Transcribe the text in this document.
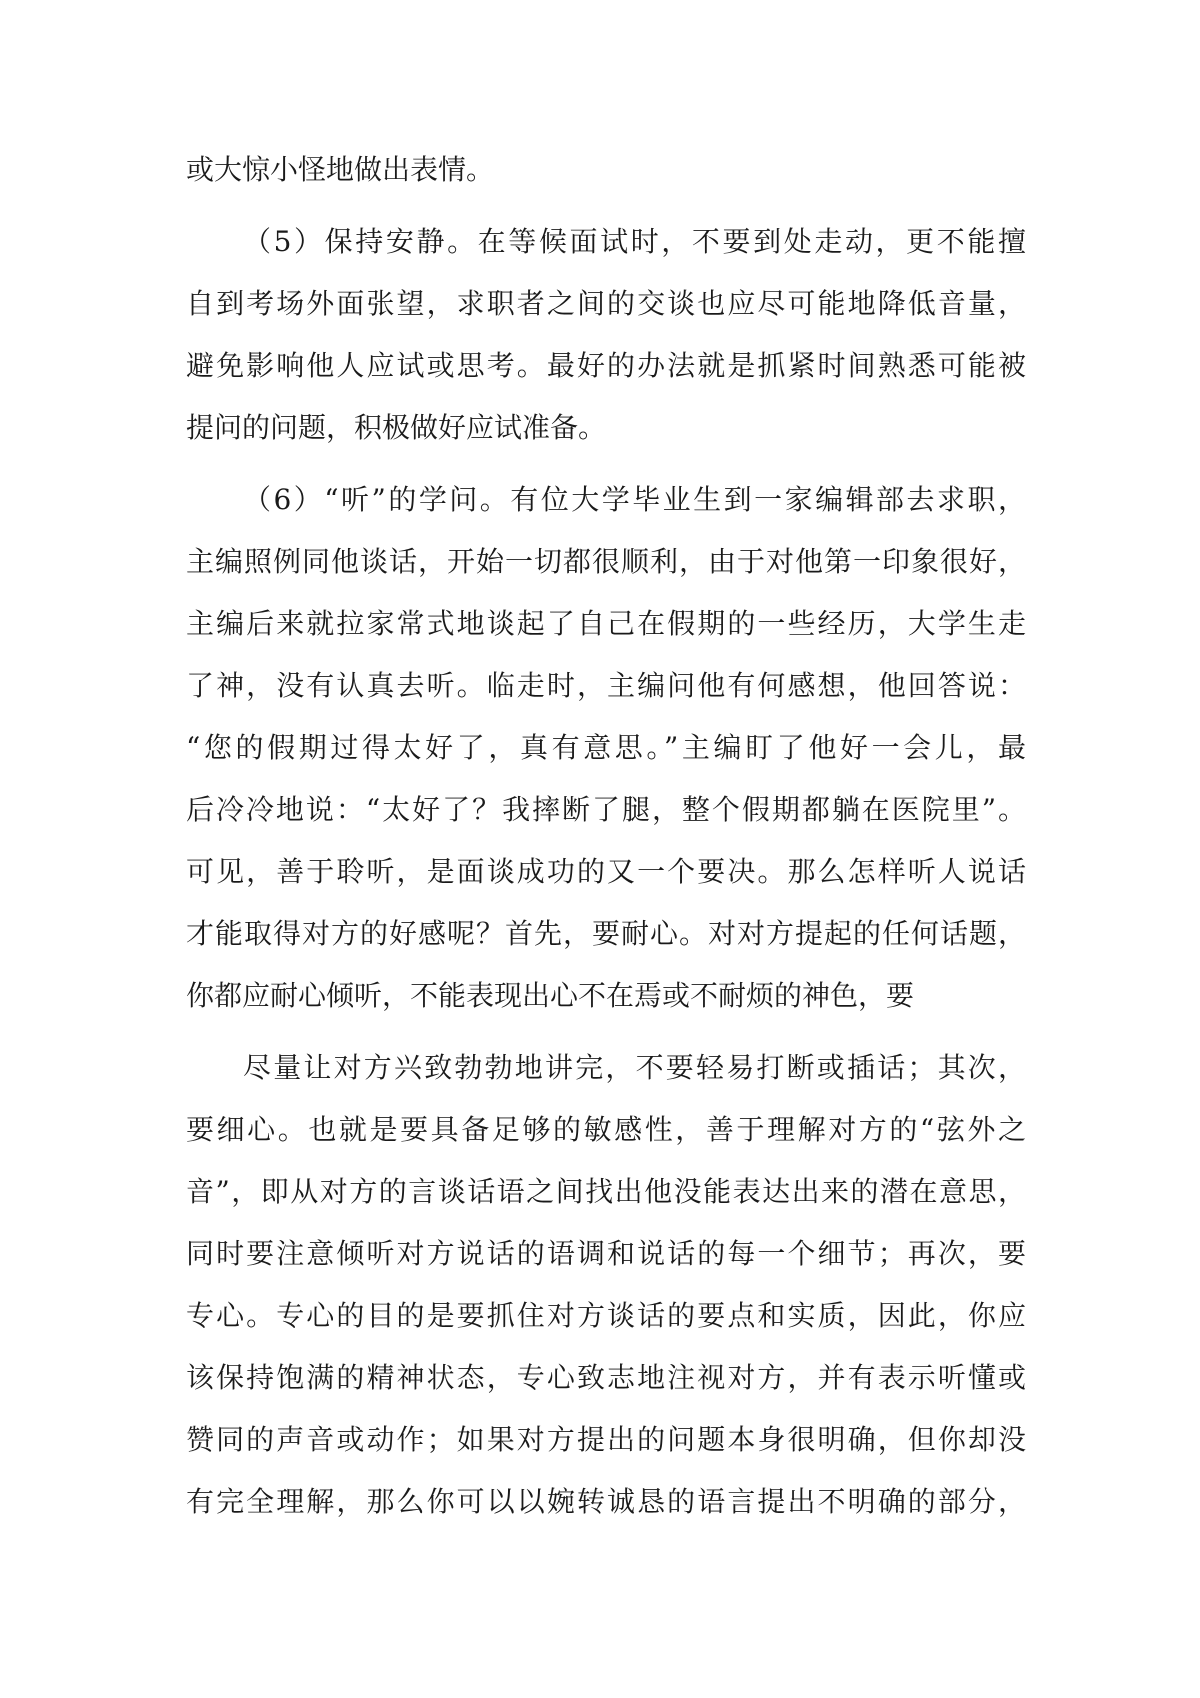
或大惊小怪地做出表情。
（5）保持安静。在等候面试时，不要到处走动，更不能擅
自到考场外面张望，求职者之间的交谈也应尽可能地降低音量，
避免影响他人应试或思考。最好的办法就是抓紧时间熟悉可能被
提问的问题，积极做好应试准备。
（6）“听”的学问。有位大学毕业生到一家编辑部去求职，
主编照例同他谈话，开始一切都很顺利，由于对他第一印象很好，
主编后来就拉家常式地谈起了自己在假期的一些经历，大学生走
了神，没有认真去听。临走时，主编问他有何感想，他回答说：
“您的假期过得太好了，真有意思。”主编盯了他好一会儿，最
后冷冷地说：“太好了？我摔断了腿，整个假期都躺在医院里”。
可见，善于聆听，是面谈成功的又一个要决。那么怎样听人说话
才能取得对方的好感呢？首先，要耐心。对对方提起的任何话题，
你都应耐心倾听，不能表现出心不在焉或不耐烦的神色，要
尽量让对方兴致勃勃地讲完，不要轻易打断或插话；其次，
要细心。也就是要具备足够的敏感性，善于理解对方的“弦外之
音”，即从对方的言谈话语之间找出他没能表达出来的潜在意思，
同时要注意倾听对方说话的语调和说话的每一个细节；再次，要
专心。专心的目的是要抓住对方谈话的要点和实质，因此，你应
该保持饱满的精神状态，专心致志地注视对方，并有表示听懂或
赞同的声音或动作；如果对方提出的问题本身很明确，但你却没
有完全理解，那么你可以以婉转诚恳的语言提出不明确的部分，
